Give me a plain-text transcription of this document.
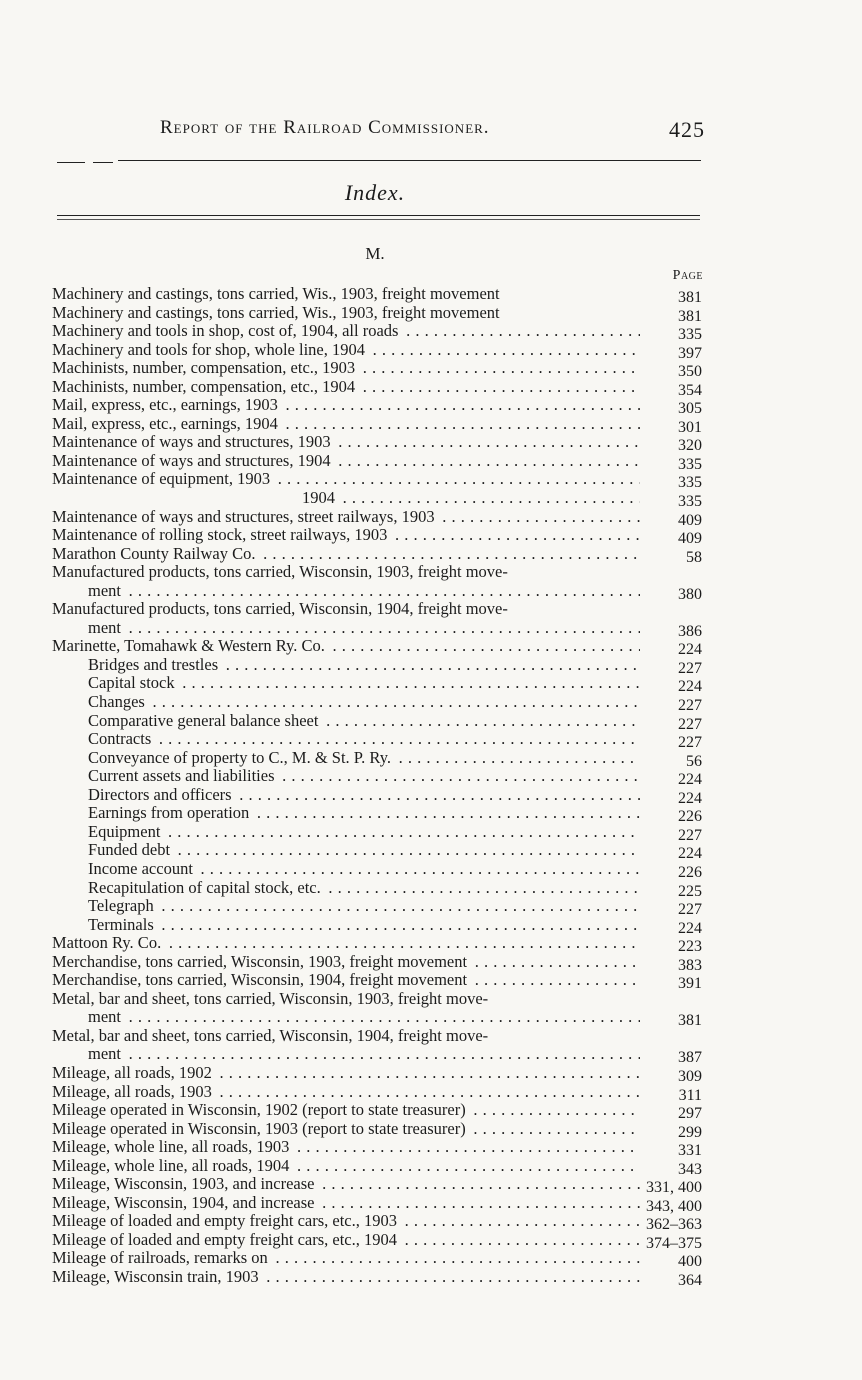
Report of the Railroad Commissioner.	425
Index.
M.
Page
Machinery and castings, tons carried, Wis., 1903, freight movement	381
Machinery and castings, tons carried, Wis., 1903, freight movement	381
Machinery and tools in shop, cost of, 1904, all roads . . .	335
Machinery and tools for shop, whole line, 1904 . . .	397
Machinists, number, compensation, etc., 1903 . . .	350
Machinists, number, compensation, etc., 1904 . . .	354
Mail, express, etc., earnings, 1903 . . .	305
Mail, express, etc., earnings, 1904 . . .	301
Maintenance of ways and structures, 1903 . . .	320
Maintenance of ways and structures, 1904 . . .	335
Maintenance of equipment, 1903 . . .	335
1904 . . .	335
Maintenance of ways and structures, street railways, 1903 . . .	409
Maintenance of rolling stock, street railways, 1903 . . .	409
Marathon County Railway Co. . . .	58
Manufactured products, tons carried, Wisconsin, 1903, freight move-
ment . . .	380
Manufactured products, tons carried, Wisconsin, 1904, freight move-
ment . . .	386
Marinette, Tomahawk & Western Ry. Co. . . .	224
Bridges and trestles . . .	227
Capital stock . . .	224
Changes . . .	227
Comparative general balance sheet . . .	227
Contracts . . .	227
Conveyance of property to C., M. & St. P. Ry. . . .	56
Current assets and liabilities . . .	224
Directors and officers . . .	224
Earnings from operation . . .	226
Equipment . . .	227
Funded debt . . .	224
Income account . . .	226
Recapitulation of capital stock, etc. . . .	225
Telegraph . . .	227
Terminals . . .	224
Mattoon Ry. Co. . . .	223
Merchandise, tons carried, Wisconsin, 1903, freight movement . . .	383
Merchandise, tons carried, Wisconsin, 1904, freight movement . . .	391
Metal, bar and sheet, tons carried, Wisconsin, 1903, freight move-
ment . . .	381
Metal, bar and sheet, tons carried, Wisconsin, 1904, freight move-
ment . . .	387
Mileage, all roads, 1902 . . .	309
Mileage, all roads, 1903 . . .	311
Mileage operated in Wisconsin, 1902 (report to state treasurer) . . .	297
Mileage operated in Wisconsin, 1903 (report to state treasurer) . . .	299
Mileage, whole line, all roads, 1903 . . .	331
Mileage, whole line, all roads, 1904 . . .	343
Mileage, Wisconsin, 1903, and increase . . .	331, 400
Mileage, Wisconsin, 1904, and increase . . .	343, 400
Mileage of loaded and empty freight cars, etc., 1903 . . .	362–363
Mileage of loaded and empty freight cars, etc., 1904 . . .	374–375
Mileage of railroads, remarks on . . .	400
Mileage, Wisconsin train, 1903 . . .	364
